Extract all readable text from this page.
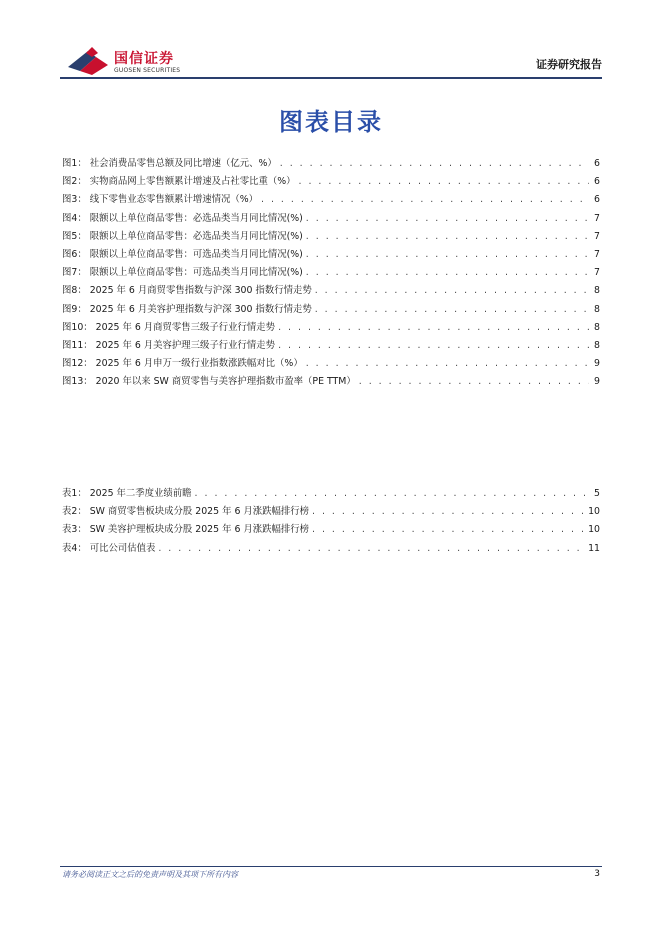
国信证券
GUOSEN SECURITIES	证券研究报告
图表目录
图1： 社会消费品零售总额及同比增速（亿元、%） . . .	6
图2： 实物商品网上零售额累计增速及占社零比重（%） . . .	6
图3： 线下零售业态零售额累计增速情况（%） . . .	6
图4： 限额以上单位商品零售：必选品类当月同比情况(%) . . .	7
图5： 限额以上单位商品零售：必选品类当月同比情况(%) . . .	7
图6： 限额以上单位商品零售：可选品类当月同比情况(%) . . .	7
图7： 限额以上单位商品零售：可选品类当月同比情况(%) . . .	7
图8： 2025 年 6 月商贸零售指数与沪深 300 指数行情走势 . . .	8
图9： 2025 年 6 月美容护理指数与沪深 300 指数行情走势 . . .	8
图10： 2025 年 6 月商贸零售三级子行业行情走势 . . .	8
图11： 2025 年 6 月美容护理三级子行业行情走势 . . .	8
图12： 2025 年 6 月申万一级行业指数涨跌幅对比（%） . . .	9
图13： 2020 年以来 SW 商贸零售与美容护理指数市盈率（PE TTM） . . .	9
表1： 2025 年二季度业绩前瞻 . . .	5
表2： SW 商贸零售板块成分股 2025 年 6 月涨跌幅排行榜 . . .	10
表3： SW 美容护理板块成分股 2025 年 6 月涨跌幅排行榜 . . .	10
表4： 可比公司估值表 . . .	11
请务必阅读正文之后的免责声明及其项下所有内容	3
